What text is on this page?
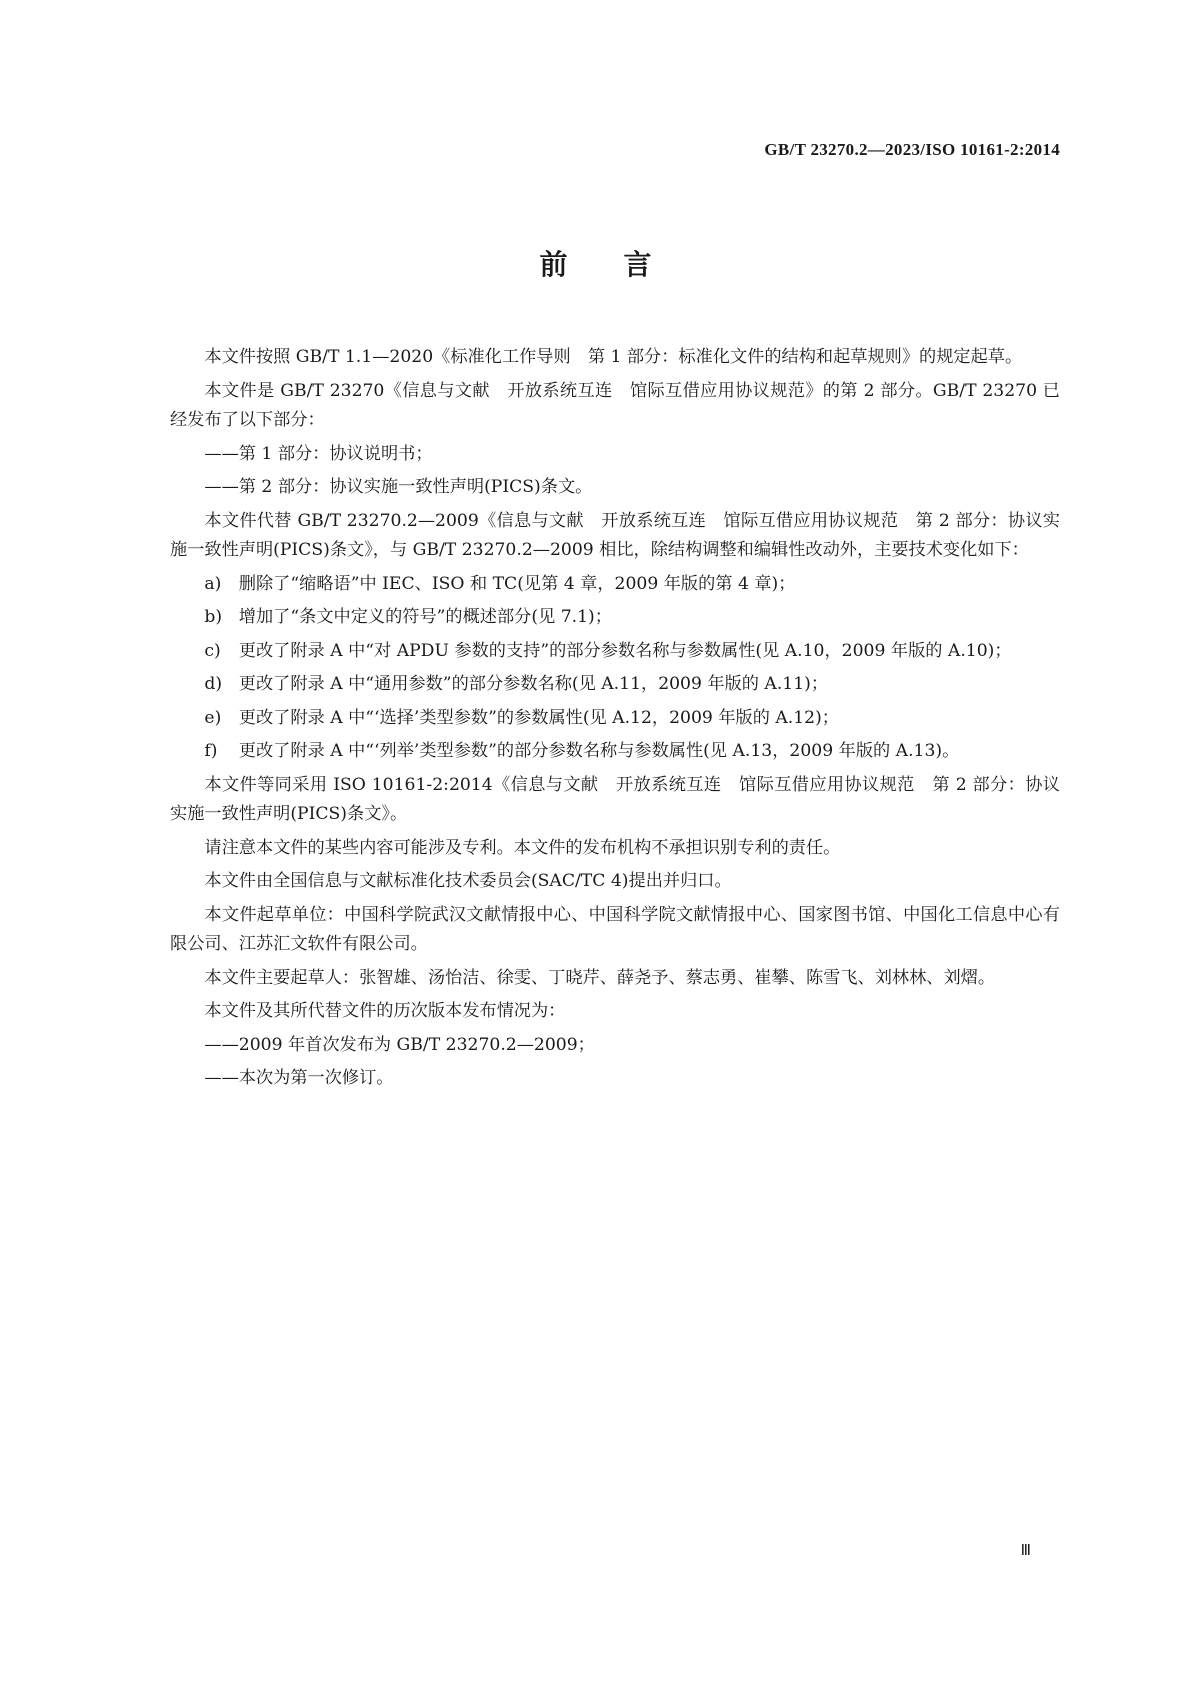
GB/T 23270.2—2023/ISO 10161-2:2014
前言

本文件按照 GB/T 1.1—2020《标准化工作导则　第 1 部分：标准化文件的结构和起草规则》的规定起草。

本文件是 GB/T 23270《信息与文献　开放系统互连　馆际互借应用协议规范》的第 2 部分。GB/T 23270 已经发布了以下部分：

——第 1 部分：协议说明书；

——第 2 部分：协议实施一致性声明(PICS)条文。

本文件代替 GB/T 23270.2—2009《信息与文献　开放系统互连　馆际互借应用协议规范　第 2 部分：协议实施一致性声明(PICS)条文》，与 GB/T 23270.2—2009 相比，除结构调整和编辑性改动外，主要技术变化如下：

a) 删除了“缩略语”中 IEC、ISO 和 TC(见第 4 章，2009 年版的第 4 章)；

b) 增加了“条文中定义的符号”的概述部分(见 7.1)；

c) 更改了附录 A 中“对 APDU 参数的支持”的部分参数名称与参数属性(见 A.10，2009 年版的 A.10)；

d) 更改了附录 A 中“通用参数”的部分参数名称(见 A.11，2009 年版的 A.11)；

e) 更改了附录 A 中“‘选择’类型参数”的参数属性(见 A.12，2009 年版的 A.12)；

f) 更改了附录 A 中“‘列举’类型参数”的部分参数名称与参数属性(见 A.13，2009 年版的 A.13)。

本文件等同采用 ISO 10161-2:2014《信息与文献　开放系统互连　馆际互借应用协议规范　第 2 部分：协议实施一致性声明(PICS)条文》。

请注意本文件的某些内容可能涉及专利。本文件的发布机构不承担识别专利的责任。

本文件由全国信息与文献标准化技术委员会(SAC/TC 4)提出并归口。

本文件起草单位：中国科学院武汉文献情报中心、中国科学院文献情报中心、国家图书馆、中国化工信息中心有限公司、江苏汇文软件有限公司。

本文件主要起草人：张智雄、汤怡洁、徐雯、丁晓芹、薛尧予、蔡志勇、崔攀、陈雪飞、刘林林、刘熠。

本文件及其所代替文件的历次版本发布情况为：

——2009 年首次发布为 GB/T 23270.2—2009；

——本次为第一次修订。

Ⅲ
